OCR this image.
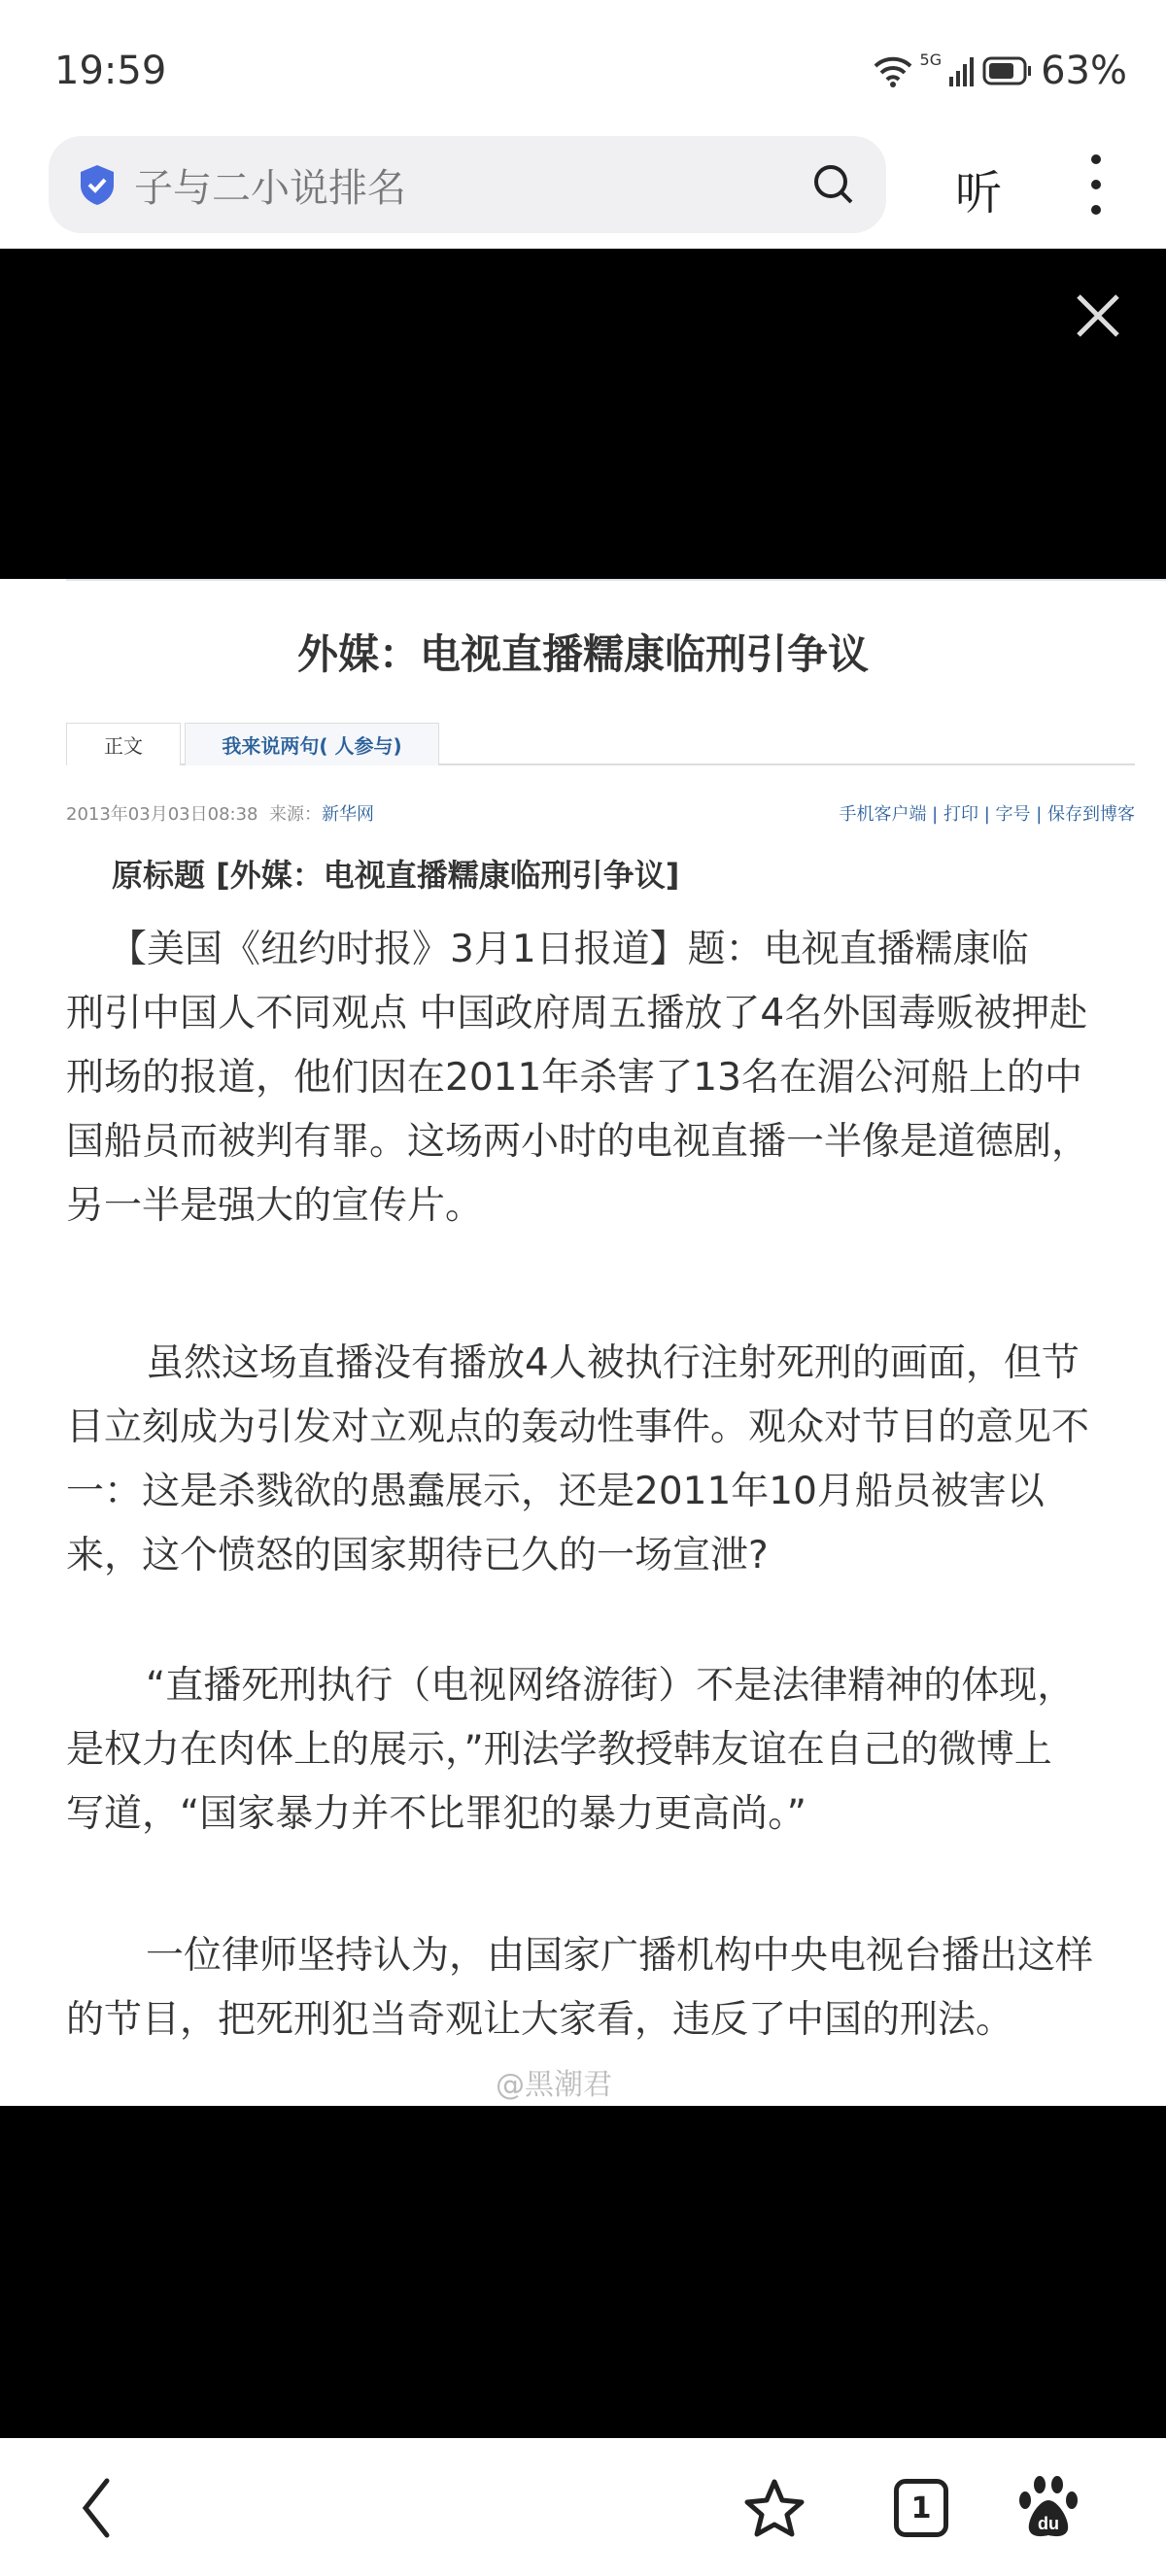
19:59	5G	63%
子与二小说排名	听
外媒：电视直播糯康临刑引争议
正文	我来说两句( 人参与)
2013年03月03日08:38 来源：新华网	手机客户端 | 打印 | 字号 | 保存到博客
原标题 [外媒：电视直播糯康临刑引争议]
【美国《纽约时报》3月1日报道】题：电视直播糯康临
刑引中国人不同观点 中国政府周五播放了4名外国毒贩被押赴
刑场的报道，他们因在2011年杀害了13名在湄公河船上的中
国船员而被判有罪。这场两小时的电视直播一半像是道德剧，
另一半是强大的宣传片。
虽然这场直播没有播放4人被执行注射死刑的画面，但节
目立刻成为引发对立观点的轰动性事件。观众对节目的意见不
一：这是杀戮欲的愚蠢展示，还是2011年10月船员被害以
来，这个愤怒的国家期待已久的一场宣泄?
“直播死刑执行（电视网络游街）不是法律精神的体现，
是权力在肉体上的展示，”刑法学教授韩友谊在自己的微博上
写道，“国家暴力并不比罪犯的暴力更高尚。”
一位律师坚持认为，由国家广播机构中央电视台播出这样
的节目，把死刑犯当奇观让大家看，违反了中国的刑法。
@黑潮君
1	du
